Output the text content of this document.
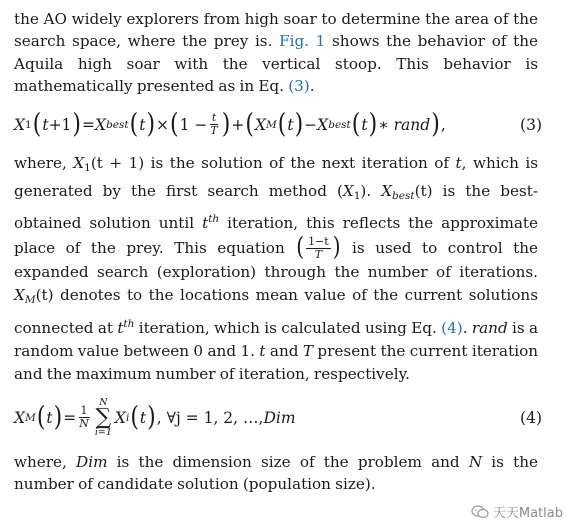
the AO widely explorers from high soar to determine the area of the search space, where the prey is. Fig. 1 shows the behavior of the Aquila high soar with the vertical stoop. This behavior is mathematically presented as in Eq. (3).

X 1 ( t +1 ) = X best ( t ) × ( $1 - \frac{t}{T}$ ) + ( X M ( t ) − X best ( t ) ∗ rand ) ,	(3)

where, $X_1(t + 1)$ is the solution of the next iteration of t, which is generated by the first search method $(X_1)$. $X_{best}(t)$ is the best-obtained solution until $t^{th}$ iteration, this reflects the approximate place of the prey. This equation ( $\frac{1-t}{T}$ ) is used to control the expanded search (exploration) through the number of iterations. $X_M(t)$ denotes to the locations mean value of the current solutions connected at $t^{th}$ iteration, which is calculated using Eq. (4). rand is a random value between 0 and 1. t and T present the current iteration and the maximum number of iteration, respectively.

X M ( t ) = $\frac{1}{N}$
N
∑
i=1
X i ( t ) , ∀j = 1, 2, …, Dim	(4)

where, Dim is the dimension size of the problem and N is the number of candidate solution (population size).

天天Matlab
